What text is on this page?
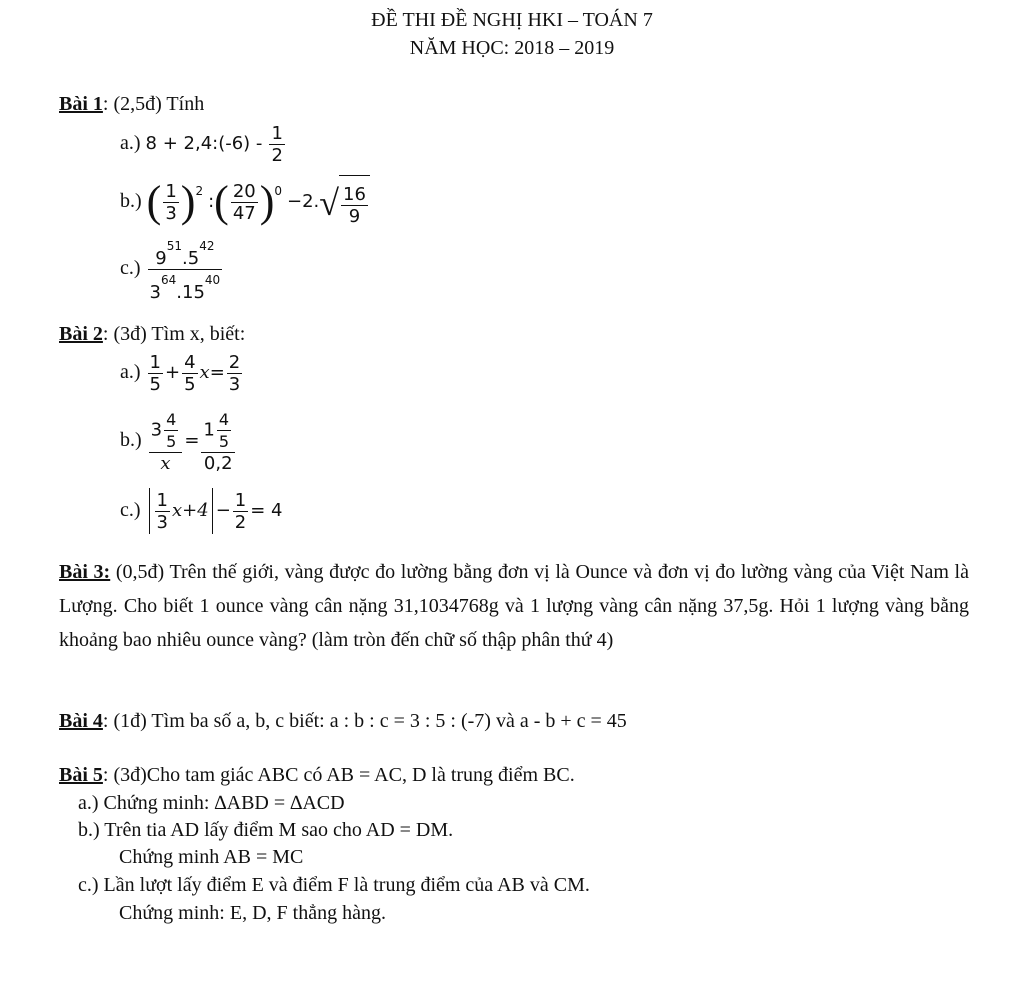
ĐỀ THI ĐỀ NGHỊ HKI – TOÁN 7
NĂM HỌC: 2018 – 2019
Bài 1: (2,5đ) Tính
a.) 8 + 2,4:(-6) - $\frac{1}{2}$
b.) ( $\frac{1}{3} )^2$ :( $\frac{20}{47} )^0 -2.√ \frac{16}{9}$
$c.) \frac{9^{51}.5^{42}}{3^{64}.15^{40}}$
Bài 2: (3đ) Tìm x, biết:
$a.) \frac{1}{5} + \frac{4}{5} x= \frac{2}{3}$
$b.) \frac{3 \frac{4}{5}}{x} = \frac{1 \frac{4}{5}}{0,2}$
$c.) \frac{1}{3} x+4 - \frac{1}{2} = 4$
Bài 3: (0,5đ) Trên thế giới, vàng được đo lường bằng đơn vị là Ounce và đơn vị đo lường vàng của Việt Nam là Lượng. Cho biết 1 ounce vàng cân nặng 31,1034768g và 1 lượng vàng cân nặng 37,5g. Hỏi 1 lượng vàng bằng khoảng bao nhiêu ounce vàng? (làm tròn đến chữ số thập phân thứ 4)
Bài 4: (1đ) Tìm ba số a, b, c biết: a : b : c = 3 : 5 : (-7) và a - b + c = 45
Bài 5: (3đ)Cho tam giác ABC có AB = AC, D là trung điểm BC.
a.) Chứng minh: ∆ABD = ∆ACD
b.) Trên tia AD lấy điểm M sao cho AD = DM.
Chứng minh AB = MC
c.) Lần lượt lấy điểm E và điểm F là trung điểm của AB và CM.
Chứng minh: E, D, F thẳng hàng.
